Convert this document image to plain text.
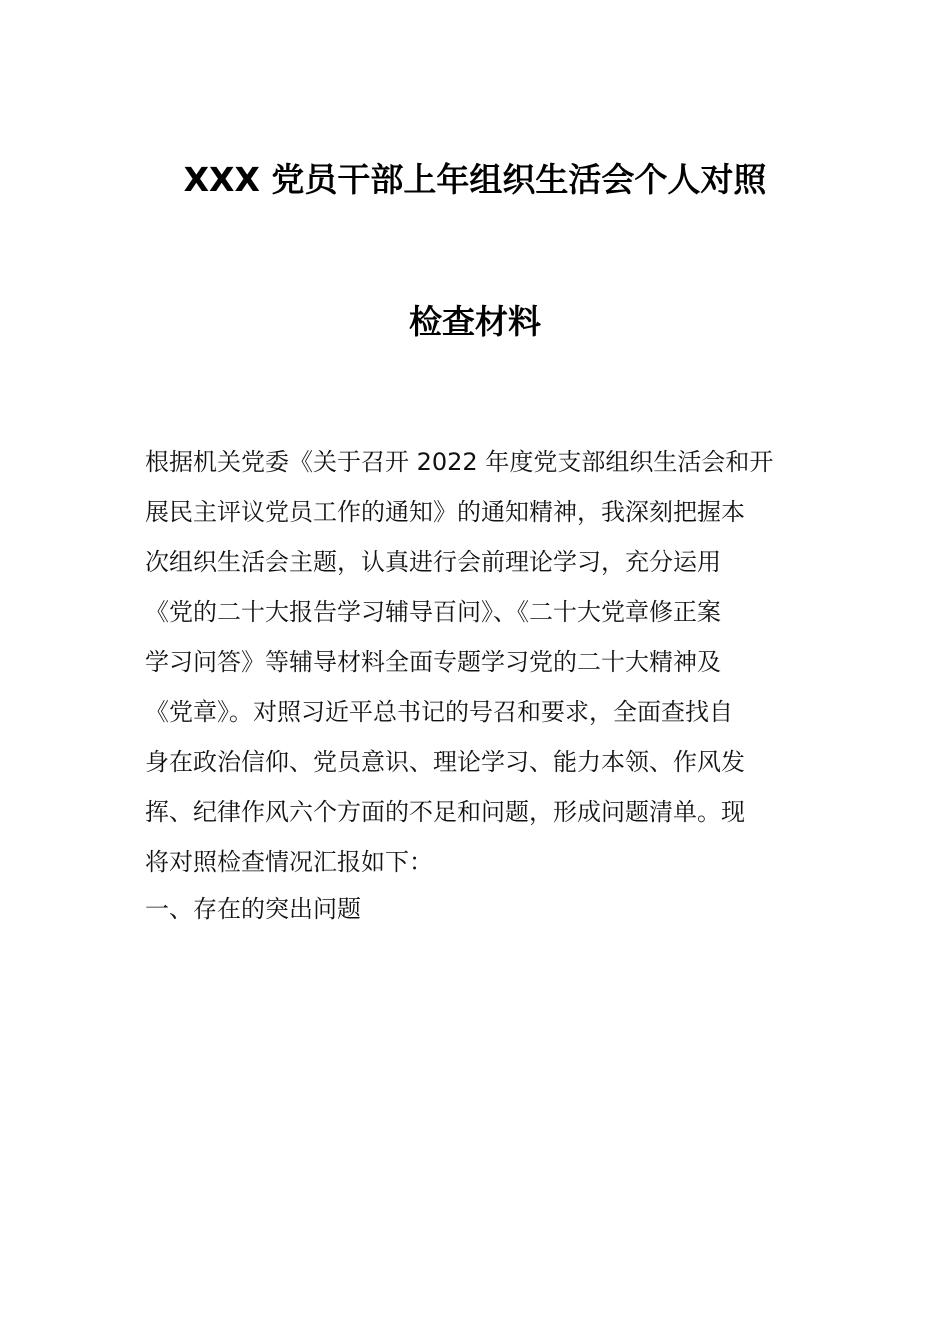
XXX 党员干部上年组织生活会个人对照
检查材料
根据机关党委《关于召开 2022 年度党支部组织生活会和开
展民主评议党员工作的通知》的通知精神，我深刻把握本
次组织生活会主题，认真进行会前理论学习，充分运用
《党的二十大报告学习辅导百问》、《二十大党章修正案
学习问答》等辅导材料全面专题学习党的二十大精神及
《党章》。对照习近平总书记的号召和要求，全面查找自
身在政治信仰、党员意识、理论学习、能力本领、作风发
挥、纪律作风六个方面的不足和问题，形成问题清单。现
将对照检查情况汇报如下：
一、存在的突出问题
